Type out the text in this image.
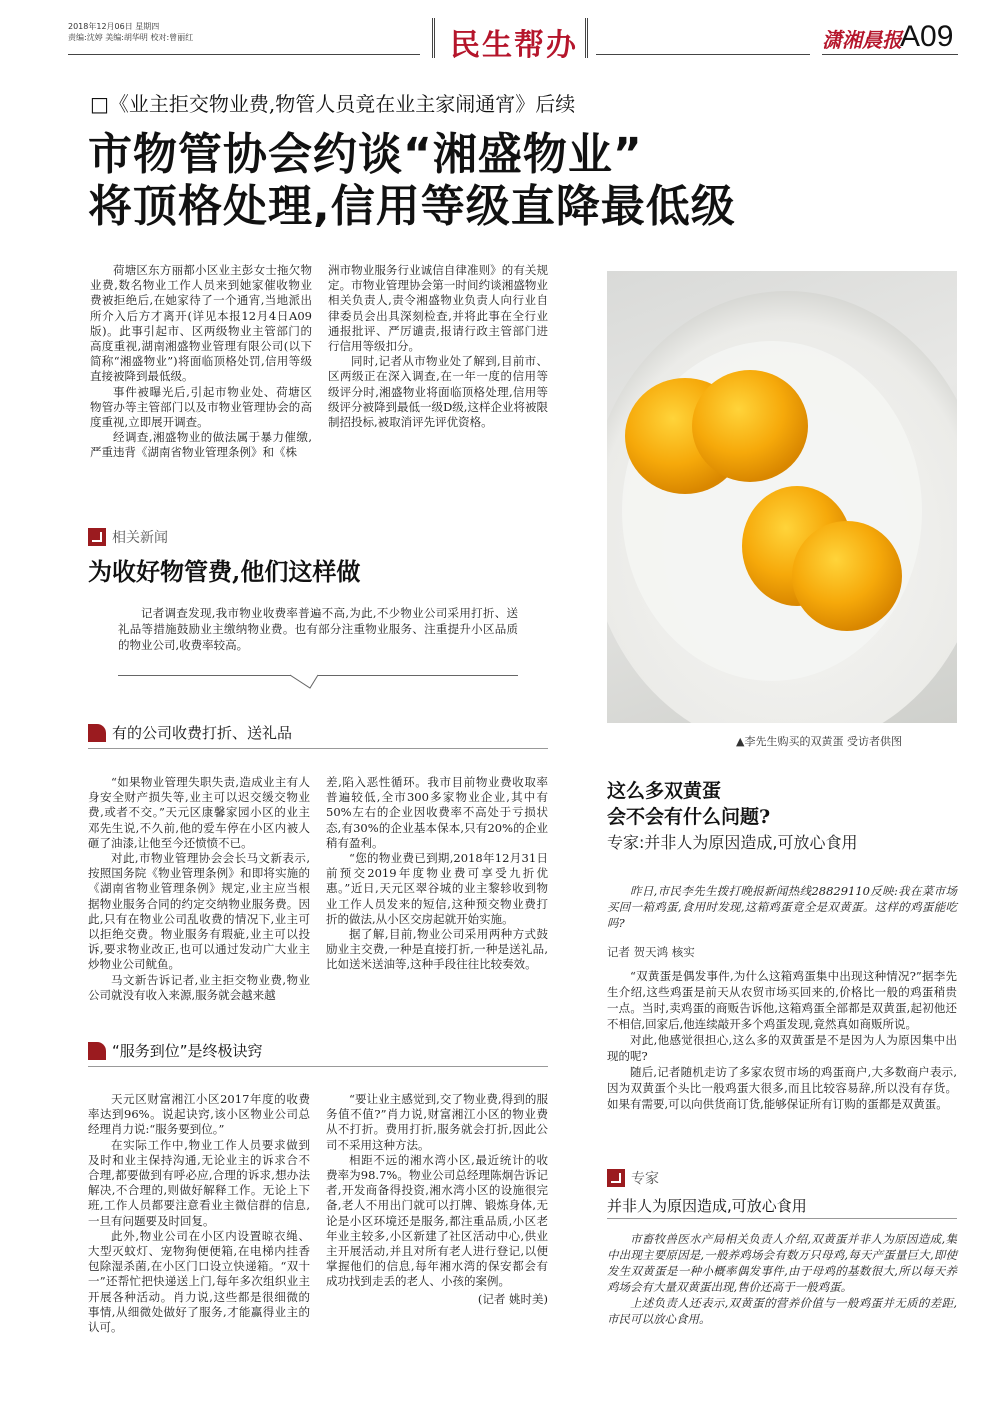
2018年12月06日 星期四
责编:沈婷 美编:胡华明 校对:曾丽红	民生帮办	潇湘晨报
A09
□《业主拒交物业费,物管人员竟在业主家闹通宵》后续
市物管协会约谈“湘盛物业”
将顶格处理,信用等级直降最低级

荷塘区东方丽都小区业主彭女士拖欠物业费,数名物业工作人员来到她家催收物业费被拒绝后,在她家待了一个通宵,当地派出所介入后方才离开(详见本报12月4日A09版)。此事引起市、区两级物业主管部门的高度重视,湖南湘盛物业管理有限公司(以下简称“湘盛物业”)将面临顶格处罚,信用等级直接被降到最低级。

事件被曝光后,引起市物业处、荷塘区物管办等主管部门以及市物业管理协会的高度重视,立即展开调查。

经调查,湘盛物业的做法属于暴力催缴,严重违背《湖南省物业管理条例》和《株

洲市物业服务行业诚信自律准则》的有关规定。市物业管理协会第一时间约谈湘盛物业相关负责人,责令湘盛物业负责人向行业自律委员会出具深刻检查,并将此事在全行业通报批评、严厉谴责,报请行政主管部门进行信用等级扣分。

同时,记者从市物业处了解到,目前市、区两级正在深入调查,在一年一度的信用等级评分时,湘盛物业将面临顶格处理,信用等级评分被降到最低一级D级,这样企业将被限制招投标,被取消评先评优资格。

相关新闻
为收好物管费,他们这样做
记者调查发现,我市物业收费率普遍不高,为此,不少物业公司采用打折、送礼品等措施鼓励业主缴纳物业费。也有部分注重物业服务、注重提升小区品质的物业公司,收费率较高。
有的公司收费打折、送礼品

“如果物业管理失职失责,造成业主有人身安全财产损失等,业主可以迟交缓交物业费,或者不交。”天元区康馨家园小区的业主邓先生说,不久前,他的爱车停在小区内被人砸了油漆,让他至今还愤愤不已。

对此,市物业管理协会会长马文新表示,按照国务院《物业管理条例》和即将实施的《湖南省物业管理条例》规定,业主应当根据物业服务合同的约定交纳物业服务费。因此,只有在物业公司乱收费的情况下,业主可以拒绝交费。物业服务有瑕疵,业主可以投诉,要求物业改正,也可以通过发动广大业主炒物业公司鱿鱼。

马文新告诉记者,业主拒交物业费,物业公司就没有收入来源,服务就会越来越

差,陷入恶性循环。我市目前物业费收取率普遍较低,全市300多家物业企业,其中有50%左右的企业因收费率不高处于亏损状态,有30%的企业基本保本,只有20%的企业稍有盈利。

“您的物业费已到期,2018年12月31日前预交2019年度物业费可享受九折优惠。”近日,天元区翠谷城的业主黎轸收到物业工作人员发来的短信,这种预交物业费打折的做法,从小区交房起就开始实施。

据了解,目前,物业公司采用两种方式鼓励业主交费,一种是直接打折,一种是送礼品,比如送米送油等,这种手段往往比较奏效。

“服务到位”是终极诀窍

天元区财富湘江小区2017年度的收费率达到96%。说起诀窍,该小区物业公司总经理肖力说:“服务要到位。”

在实际工作中,物业工作人员要求做到及时和业主保持沟通,无论业主的诉求合不合理,都要做到有呼必应,合理的诉求,想办法解决,不合理的,则做好解释工作。无论上下班,工作人员都要注意看业主微信群的信息,一旦有问题要及时回复。

此外,物业公司在小区内设置晾衣绳、大型灭蚊灯、宠物狗便便箱,在电梯内挂香包除湿杀菌,在小区门口设立快递箱。“双十一”还帮忙把快递送上门,每年多次组织业主开展各种活动。肖力说,这些都是很细微的事情,从细微处做好了服务,才能赢得业主的认可。

“要让业主感觉到,交了物业费,得到的服务值不值?”肖力说,财富湘江小区的物业费从不打折。费用打折,服务就会打折,因此公司不采用这种方法。

相距不远的湘水湾小区,最近统计的收费率为98.7%。物业公司总经理陈炯告诉记者,开发商备得投资,湘水湾小区的设施很完备,老人不用出门就可以打牌、锻炼身体,无论是小区环境还是服务,都注重品质,小区老年业主较多,小区新建了社区活动中心,供业主开展活动,并且对所有老人进行登记,以便掌握他们的信息,每年湘水湾的保安都会有成功找到走丢的老人、小孩的案例。

(记者 姚时美)
▲李先生购买的双黄蛋 受访者供图
这么多双黄蛋
会不会有什么问题?
专家:并非人为原因造成,可放心食用

昨日,市民李先生拨打晚报新闻热线28829110反映:我在菜市场买回一箱鸡蛋,食用时发现,这箱鸡蛋竟全是双黄蛋。这样的鸡蛋能吃吗?

记者 贺天鸿 核实

“双黄蛋是偶发事件,为什么这箱鸡蛋集中出现这种情况?”据李先生介绍,这些鸡蛋是前天从农贸市场买回来的,价格比一般的鸡蛋稍贵一点。当时,卖鸡蛋的商贩告诉他,这箱鸡蛋全部都是双黄蛋,起初他还不相信,回家后,他连续敲开多个鸡蛋发现,竟然真如商贩所说。

对此,他感觉很担心,这么多的双黄蛋是不是因为人为原因集中出现的呢?

随后,记者随机走访了多家农贸市场的鸡蛋商户,大多数商户表示,因为双黄蛋个头比一般鸡蛋大很多,而且比较容易辞,所以没有存货。如果有需要,可以向供货商订货,能够保证所有订购的蛋都是双黄蛋。

专家
并非人为原因造成,可放心食用

市畜牧兽医水产局相关负责人介绍,双黄蛋并非人为原因造成,集中出现主要原因是,一般养鸡场会有数万只母鸡,每天产蛋量巨大,即使发生双黄蛋是一种小概率偶发事件,由于母鸡的基数很大,所以每天养鸡场会有大量双黄蛋出现,售价还高于一般鸡蛋。

上述负责人还表示,双黄蛋的营养价值与一般鸡蛋并无质的差距,市民可以放心食用。
